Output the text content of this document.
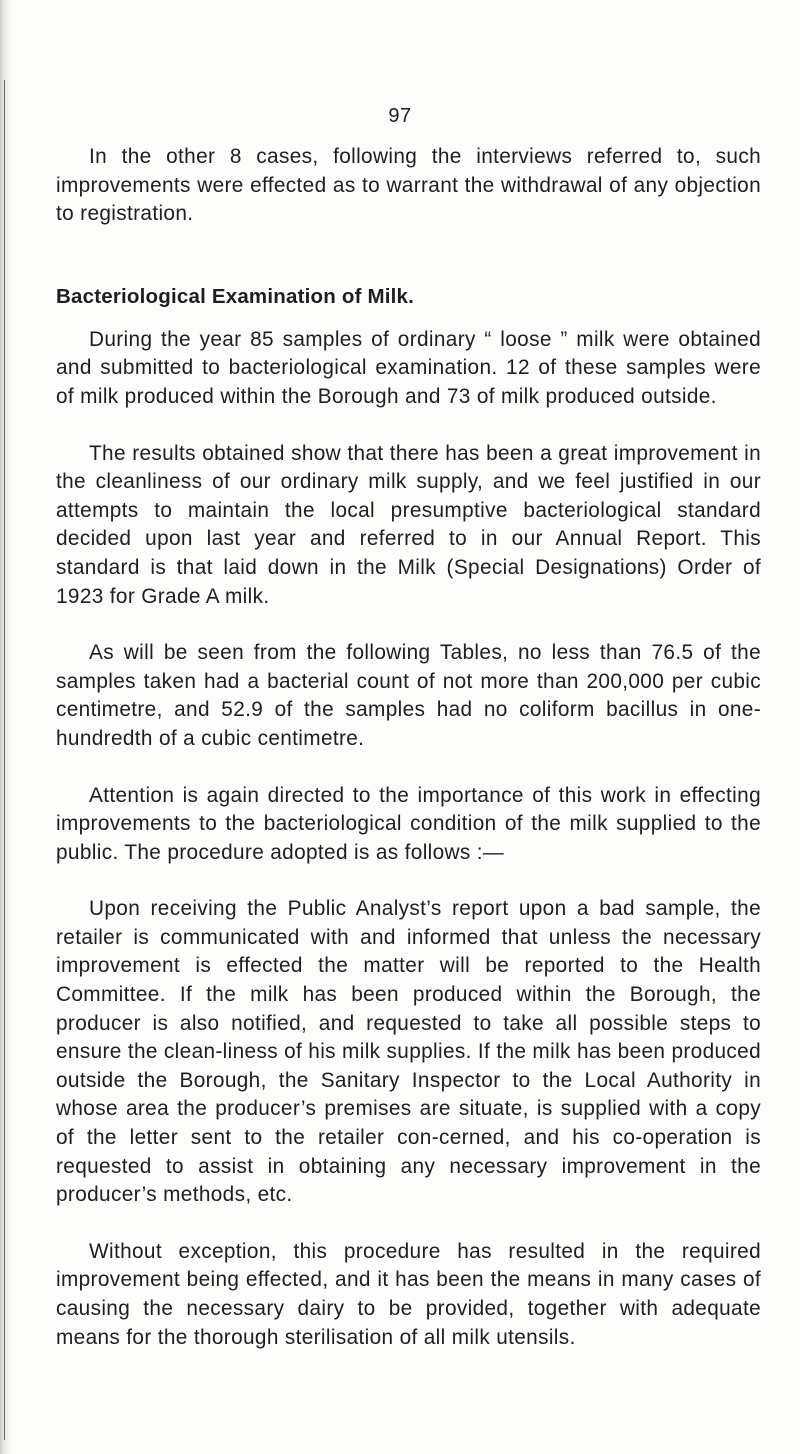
97

In the other 8 cases, following the interviews referred to, such improvements were effected as to warrant the withdrawal of any objection to registration.

Bacteriological Examination of Milk.

During the year 85 samples of ordinary “ loose ” milk were obtained and submitted to bacteriological examination. 12 of these samples were of milk produced within the Borough and 73 of milk produced outside.

The results obtained show that there has been a great improvement in the cleanliness of our ordinary milk supply, and we feel justified in our attempts to maintain the local presumptive bacteriological standard decided upon last year and referred to in our Annual Report. This standard is that laid down in the Milk (Special Designations) Order of 1923 for Grade A milk.

As will be seen from the following Tables, no less than 76.5 of the samples taken had a bacterial count of not more than 200,000 per cubic centimetre, and 52.9 of the samples had no coliform bacillus in one-hundredth of a cubic centimetre.

Attention is again directed to the importance of this work in effecting improvements to the bacteriological condition of the milk supplied to the public. The procedure adopted is as follows :—

Upon receiving the Public Analyst’s report upon a bad sample, the retailer is communicated with and informed that unless the necessary improvement is effected the matter will be reported to the Health Committee. If the milk has been produced within the Borough, the producer is also notified, and requested to take all possible steps to ensure the clean-liness of his milk supplies. If the milk has been produced outside the Borough, the Sanitary Inspector to the Local Authority in whose area the producer’s premises are situate, is supplied with a copy of the letter sent to the retailer con-cerned, and his co-operation is requested to assist in obtaining any necessary improvement in the producer’s methods, etc.

Without exception, this procedure has resulted in the required improvement being effected, and it has been the means in many cases of causing the necessary dairy to be provided, together with adequate means for the thorough sterilisation of all milk utensils.
